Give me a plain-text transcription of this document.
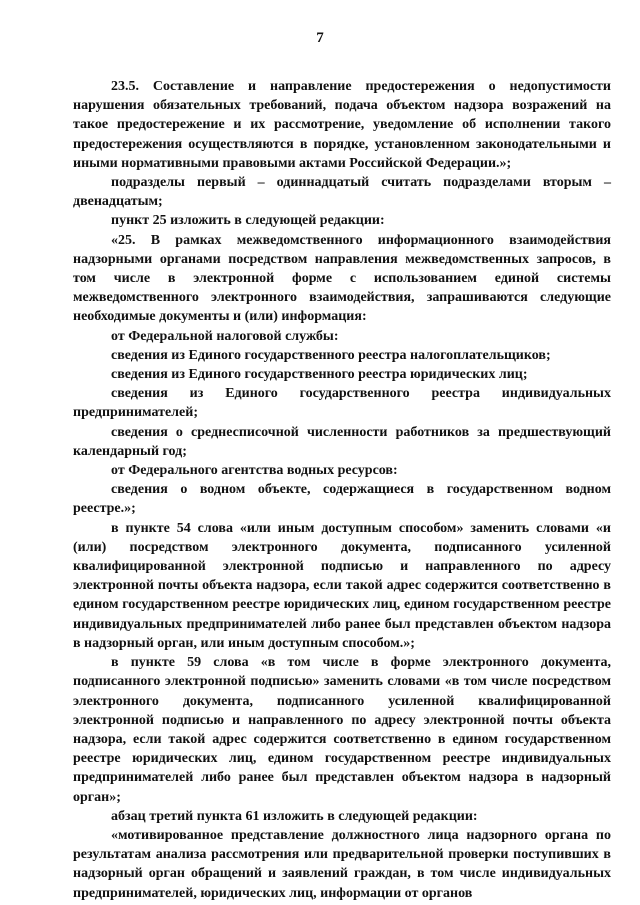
7

23.5. Составление и направление предостережения о недопустимости нарушения обязательных требований, подача объектом надзора возражений на такое предостережение и их рассмотрение, уведомление об исполнении такого предостережения осуществляются в порядке, установленном законодательными и иными нормативными правовыми актами Российской Федерации.»;

подразделы первый – одиннадцатый считать подразделами вторым – двенадцатым;

пункт 25 изложить в следующей редакции:

«25. В рамках межведомственного информационного взаимодействия надзорными органами посредством направления межведомственных запросов, в том числе в электронной форме с использованием единой системы межведомственного электронного взаимодействия, запрашиваются следующие необходимые документы и (или) информация:

от Федеральной налоговой службы:

сведения из Единого государственного реестра налогоплательщиков;

сведения из Единого государственного реестра юридических лиц;

сведения из Единого государственного реестра индивидуальных предпринимателей;

сведения о среднесписочной численности работников за предшествующий календарный год;

от Федерального агентства водных ресурсов:

сведения о водном объекте, содержащиеся в государственном водном реестре.»;

в пункте 54 слова «или иным доступным способом» заменить словами «и (или) посредством электронного документа, подписанного усиленной квалифицированной электронной подписью и направленного по адресу электронной почты объекта надзора, если такой адрес содержится соответственно в едином государственном реестре юридических лиц, едином государственном реестре индивидуальных предпринимателей либо ранее был представлен объектом надзора в надзорный орган, или иным доступным способом.»;

в пункте 59 слова «в том числе в форме электронного документа, подписанного электронной подписью» заменить словами «в том числе посредством электронного документа, подписанного усиленной квалифицированной электронной подписью и направленного по адресу электронной почты объекта надзора, если такой адрес содержится соответственно в едином государственном реестре юридических лиц, едином государственном реестре индивидуальных предпринимателей либо ранее был представлен объектом надзора в надзорный орган»;

абзац третий пункта 61 изложить в следующей редакции:

«мотивированное представление должностного лица надзорного органа по результатам анализа рассмотрения или предварительной проверки поступивших в надзорный орган обращений и заявлений граждан, в том числе индивидуальных предпринимателей, юридических лиц, информации от органов
